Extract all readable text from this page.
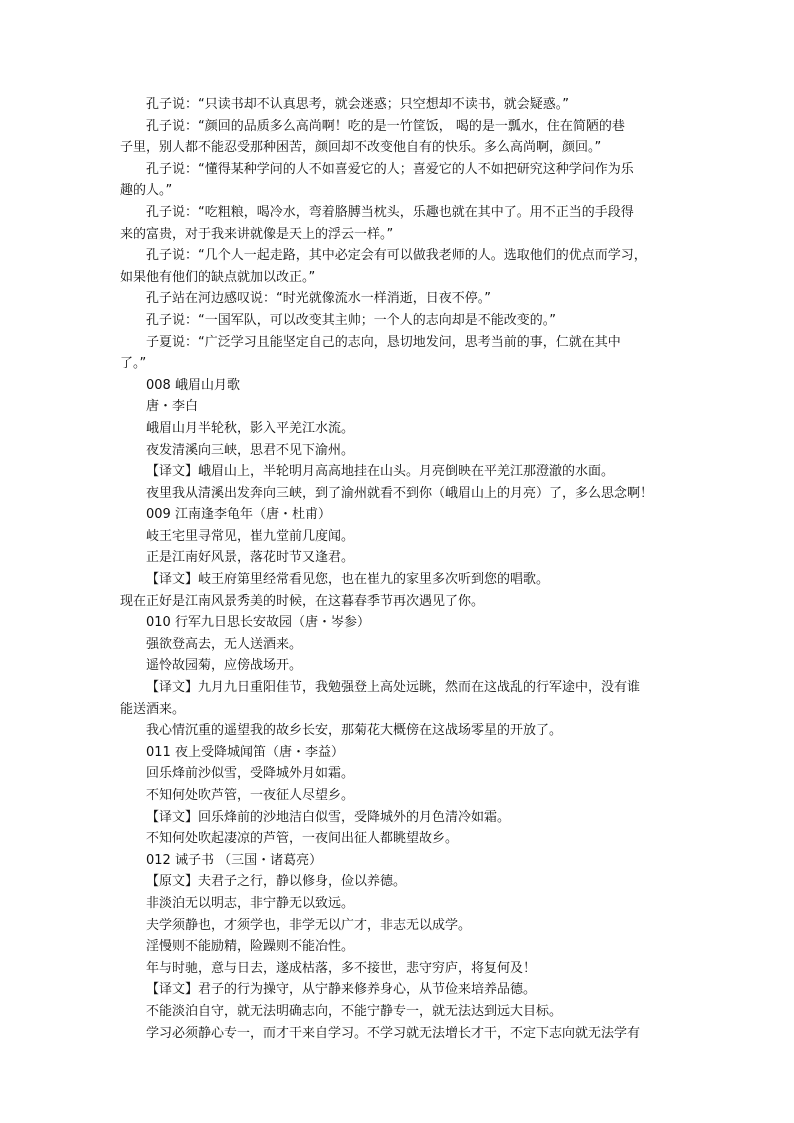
孔子说：“只读书却不认真思考，就会迷惑；只空想却不读书，就会疑惑。”
孔子说：“颜回的品质多么高尚啊！吃的是一竹筐饭， 喝的是一瓢水，住在简陋的巷
子里，别人都不能忍受那种困苦，颜回却不改变他自有的快乐。多么高尚啊，颜回。”
孔子说：“懂得某种学问的人不如喜爱它的人；喜爱它的人不如把研究这种学问作为乐
趣的人。”
孔子说：“吃粗粮，喝冷水，弯着胳膊当枕头，乐趣也就在其中了。用不正当的手段得
来的富贵，对于我来讲就像是天上的浮云一样。”
孔子说：“几个人一起走路，其中必定会有可以做我老师的人。选取他们的优点而学习，
如果他有他们的缺点就加以改正。”
孔子站在河边感叹说：“时光就像流水一样消逝，日夜不停。”
孔子说：“一国军队，可以改变其主帅；一个人的志向却是不能改变的。”
子夏说：“广泛学习且能坚定自己的志向，恳切地发问，思考当前的事，仁就在其中
了。”
008 峨眉山月歌
唐・李白
峨眉山月半轮秋，影入平羌江水流。
夜发清溪向三峡，思君不见下渝州。
【译文】峨眉山上，半轮明月高高地挂在山头。月亮倒映在平羌江那澄澈的水面。
夜里我从清溪出发奔向三峡，到了渝州就看不到你（峨眉山上的月亮）了，多么思念啊！
009 江南逢李龟年（唐・杜甫）
岐王宅里寻常见，崔九堂前几度闻。
正是江南好风景，落花时节又逢君。
【译文】岐王府第里经常看见您，也在崔九的家里多次听到您的唱歌。
现在正好是江南风景秀美的时候，在这暮春季节再次遇见了你。
010 行军九日思长安故园（唐・岑参）
强欲登高去，无人送酒来。
遥怜故园菊，应傍战场开。
【译文】九月九日重阳佳节，我勉强登上高处远眺，然而在这战乱的行军途中，没有谁
能送酒来。
我心情沉重的遥望我的故乡长安，那菊花大概傍在这战场零星的开放了。
011 夜上受降城闻笛（唐・李益）
回乐烽前沙似雪，受降城外月如霜。
不知何处吹芦管，一夜征人尽望乡。
【译文】回乐烽前的沙地洁白似雪，受降城外的月色清冷如霜。
不知何处吹起凄凉的芦管，一夜间出征人都眺望故乡。
012 诫子书 （三国・诸葛亮）
【原文】夫君子之行，静以修身，俭以养德。
非淡泊无以明志，非宁静无以致远。
夫学须静也，才须学也，非学无以广才，非志无以成学。
淫慢则不能励精，险躁则不能冶性。
年与时驰，意与日去，遂成枯落，多不接世，悲守穷庐，将复何及！
【译文】君子的行为操守，从宁静来修养身心，从节俭来培养品德。
不能淡泊自守，就无法明确志向，不能宁静专一，就无法达到远大目标。
学习必须静心专一，而才干来自学习。不学习就无法增长才干，不定下志向就无法学有
